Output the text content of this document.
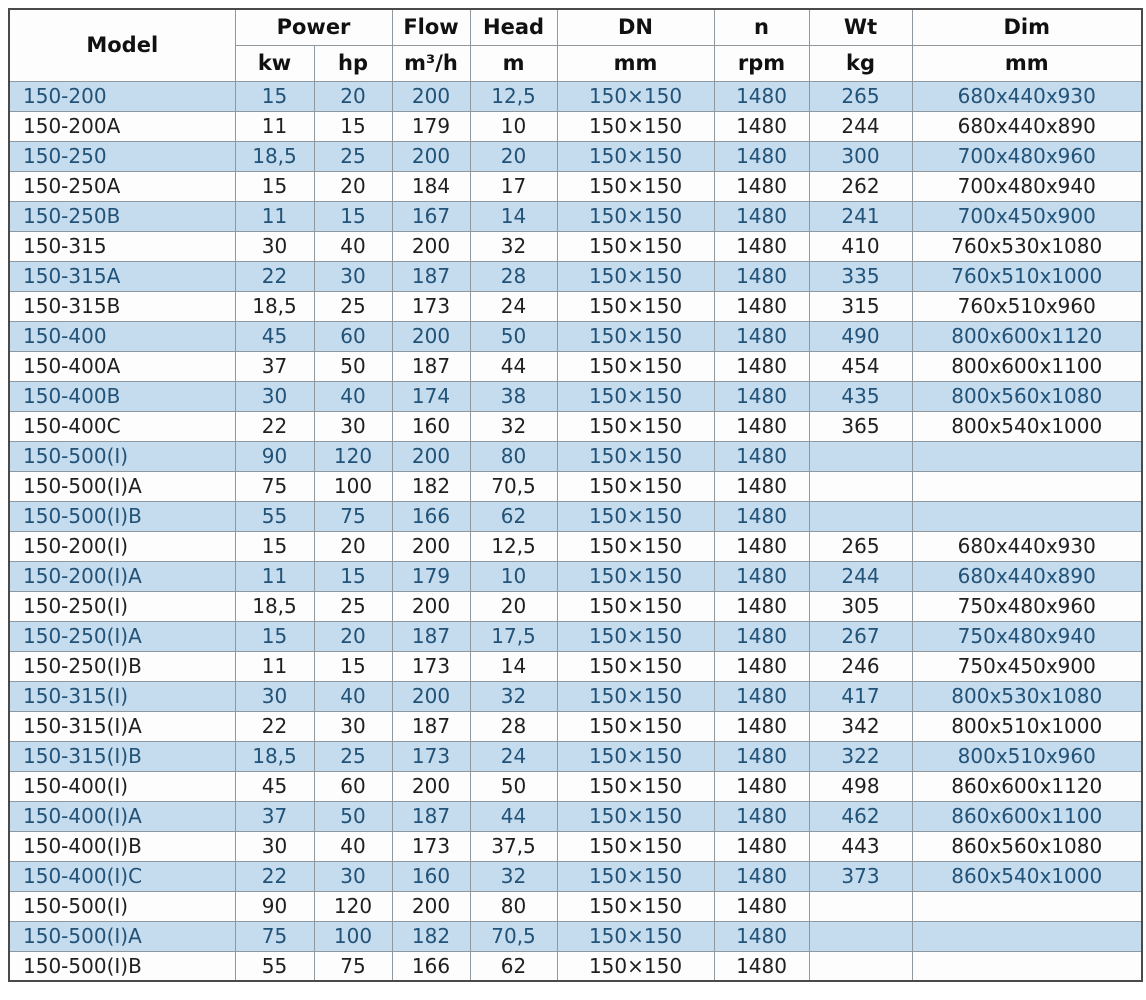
Model	Power		Flow	Head	DN	n	Wt	Dim
	kw	hp	m³/h	m	mm	rpm	kg	mm
150-200	15	20	200	12,5	150×150	1480	265	680x440x930
150-200A	11	15	179	10	150×150	1480	244	680x440x890
150-250	18,5	25	200	20	150×150	1480	300	700x480x960
150-250A	15	20	184	17	150×150	1480	262	700x480x940
150-250B	11	15	167	14	150×150	1480	241	700x450x900
150-315	30	40	200	32	150×150	1480	410	760x530x1080
150-315A	22	30	187	28	150×150	1480	335	760x510x1000
150-315B	18,5	25	173	24	150×150	1480	315	760x510x960
150-400	45	60	200	50	150×150	1480	490	800x600x1120
150-400A	37	50	187	44	150×150	1480	454	800x600x1100
150-400B	30	40	174	38	150×150	1480	435	800x560x1080
150-400C	22	30	160	32	150×150	1480	365	800x540x1000
150-500(I)	90	120	200	80	150×150	1480		
150-500(I)A	75	100	182	70,5	150×150	1480		
150-500(I)B	55	75	166	62	150×150	1480		
150-200(I)	15	20	200	12,5	150×150	1480	265	680x440x930
150-200(I)A	11	15	179	10	150×150	1480	244	680x440x890
150-250(I)	18,5	25	200	20	150×150	1480	305	750x480x960
150-250(I)A	15	20	187	17,5	150×150	1480	267	750x480x940
150-250(I)B	11	15	173	14	150×150	1480	246	750x450x900
150-315(I)	30	40	200	32	150×150	1480	417	800x530x1080
150-315(I)A	22	30	187	28	150×150	1480	342	800x510x1000
150-315(I)B	18,5	25	173	24	150×150	1480	322	800x510x960
150-400(I)	45	60	200	50	150×150	1480	498	860x600x1120
150-400(I)A	37	50	187	44	150×150	1480	462	860x600x1100
150-400(I)B	30	40	173	37,5	150×150	1480	443	860x560x1080
150-400(I)C	22	30	160	32	150×150	1480	373	860x540x1000
150-500(I)	90	120	200	80	150×150	1480		
150-500(I)A	75	100	182	70,5	150×150	1480		
150-500(I)B	55	75	166	62	150×150	1480		
